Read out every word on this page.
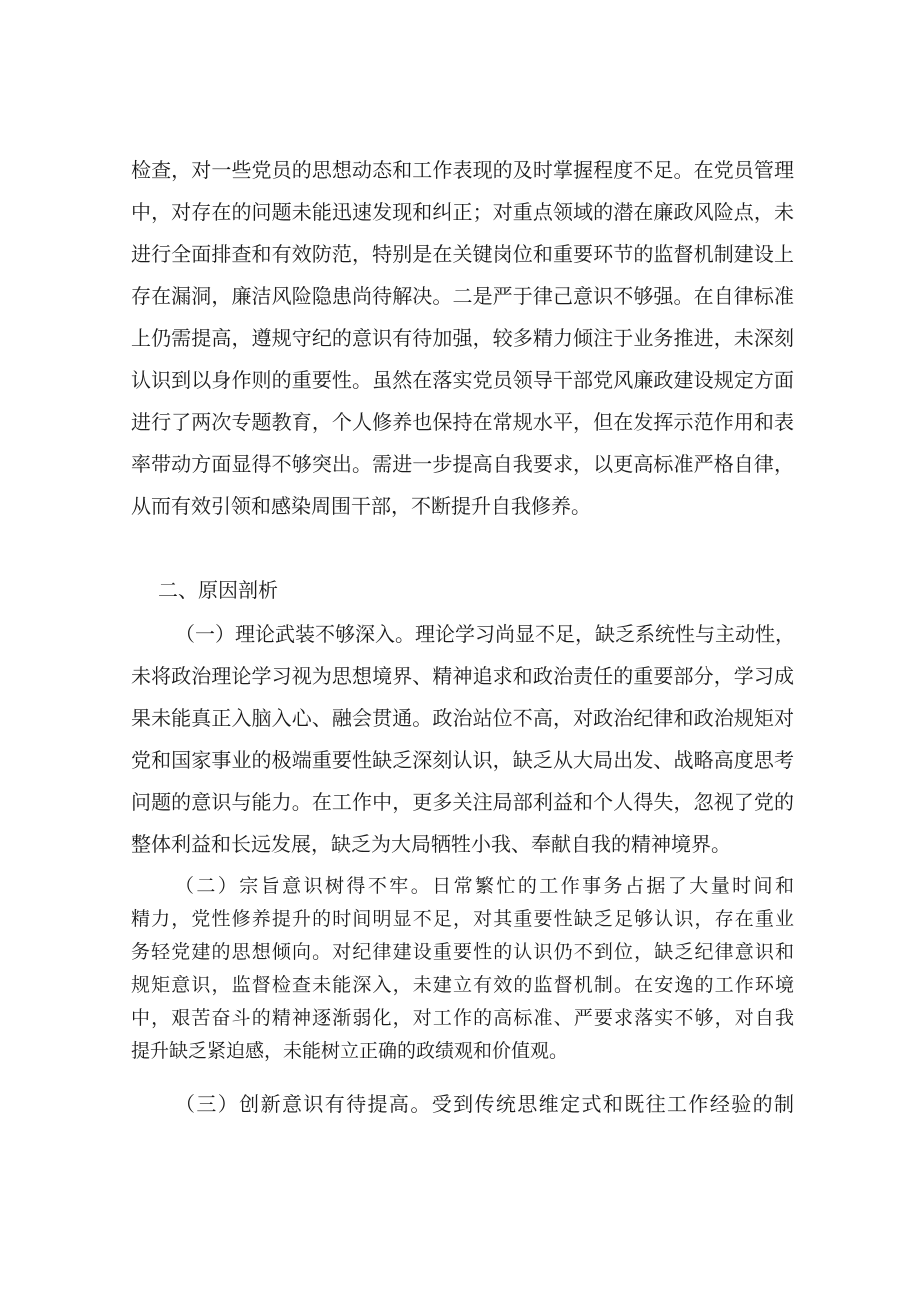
检查，对一些党员的思想动态和工作表现的及时掌握程度不足。在党员管理

中，对存在的问题未能迅速发现和纠正；对重点领域的潜在廉政风险点，未

进行全面排查和有效防范，特别是在关键岗位和重要环节的监督机制建设上

存在漏洞，廉洁风险隐患尚待解决。二是严于律己意识不够强。在自律标准

上仍需提高，遵规守纪的意识有待加强，较多精力倾注于业务推进，未深刻

认识到以身作则的重要性。虽然在落实党员领导干部党风廉政建设规定方面

进行了两次专题教育，个人修养也保持在常规水平，但在发挥示范作用和表

率带动方面显得不够突出。需进一步提高自我要求，以更高标准严格自律，

从而有效引领和感染周围干部，不断提升自我修养。

二、原因剖析

（一）理论武装不够深入。理论学习尚显不足，缺乏系统性与主动性，

未将政治理论学习视为思想境界、精神追求和政治责任的重要部分，学习成

果未能真正入脑入心、融会贯通。政治站位不高，对政治纪律和政治规矩对

党和国家事业的极端重要性缺乏深刻认识，缺乏从大局出发、战略高度思考

问题的意识与能力。在工作中，更多关注局部利益和个人得失，忽视了党的

整体利益和长远发展，缺乏为大局牺牲小我、奉献自我的精神境界。

（二）宗旨意识树得不牢。日常繁忙的工作事务占据了大量时间和

精力，党性修养提升的时间明显不足，对其重要性缺乏足够认识，存在重业

务轻党建的思想倾向。对纪律建设重要性的认识仍不到位，缺乏纪律意识和

规矩意识，监督检查未能深入，未建立有效的监督机制。在安逸的工作环境

中，艰苦奋斗的精神逐渐弱化，对工作的高标准、严要求落实不够，对自我

提升缺乏紧迫感，未能树立正确的政绩观和价值观。

（三）创新意识有待提高。受到传统思维定式和既往工作经验的制
